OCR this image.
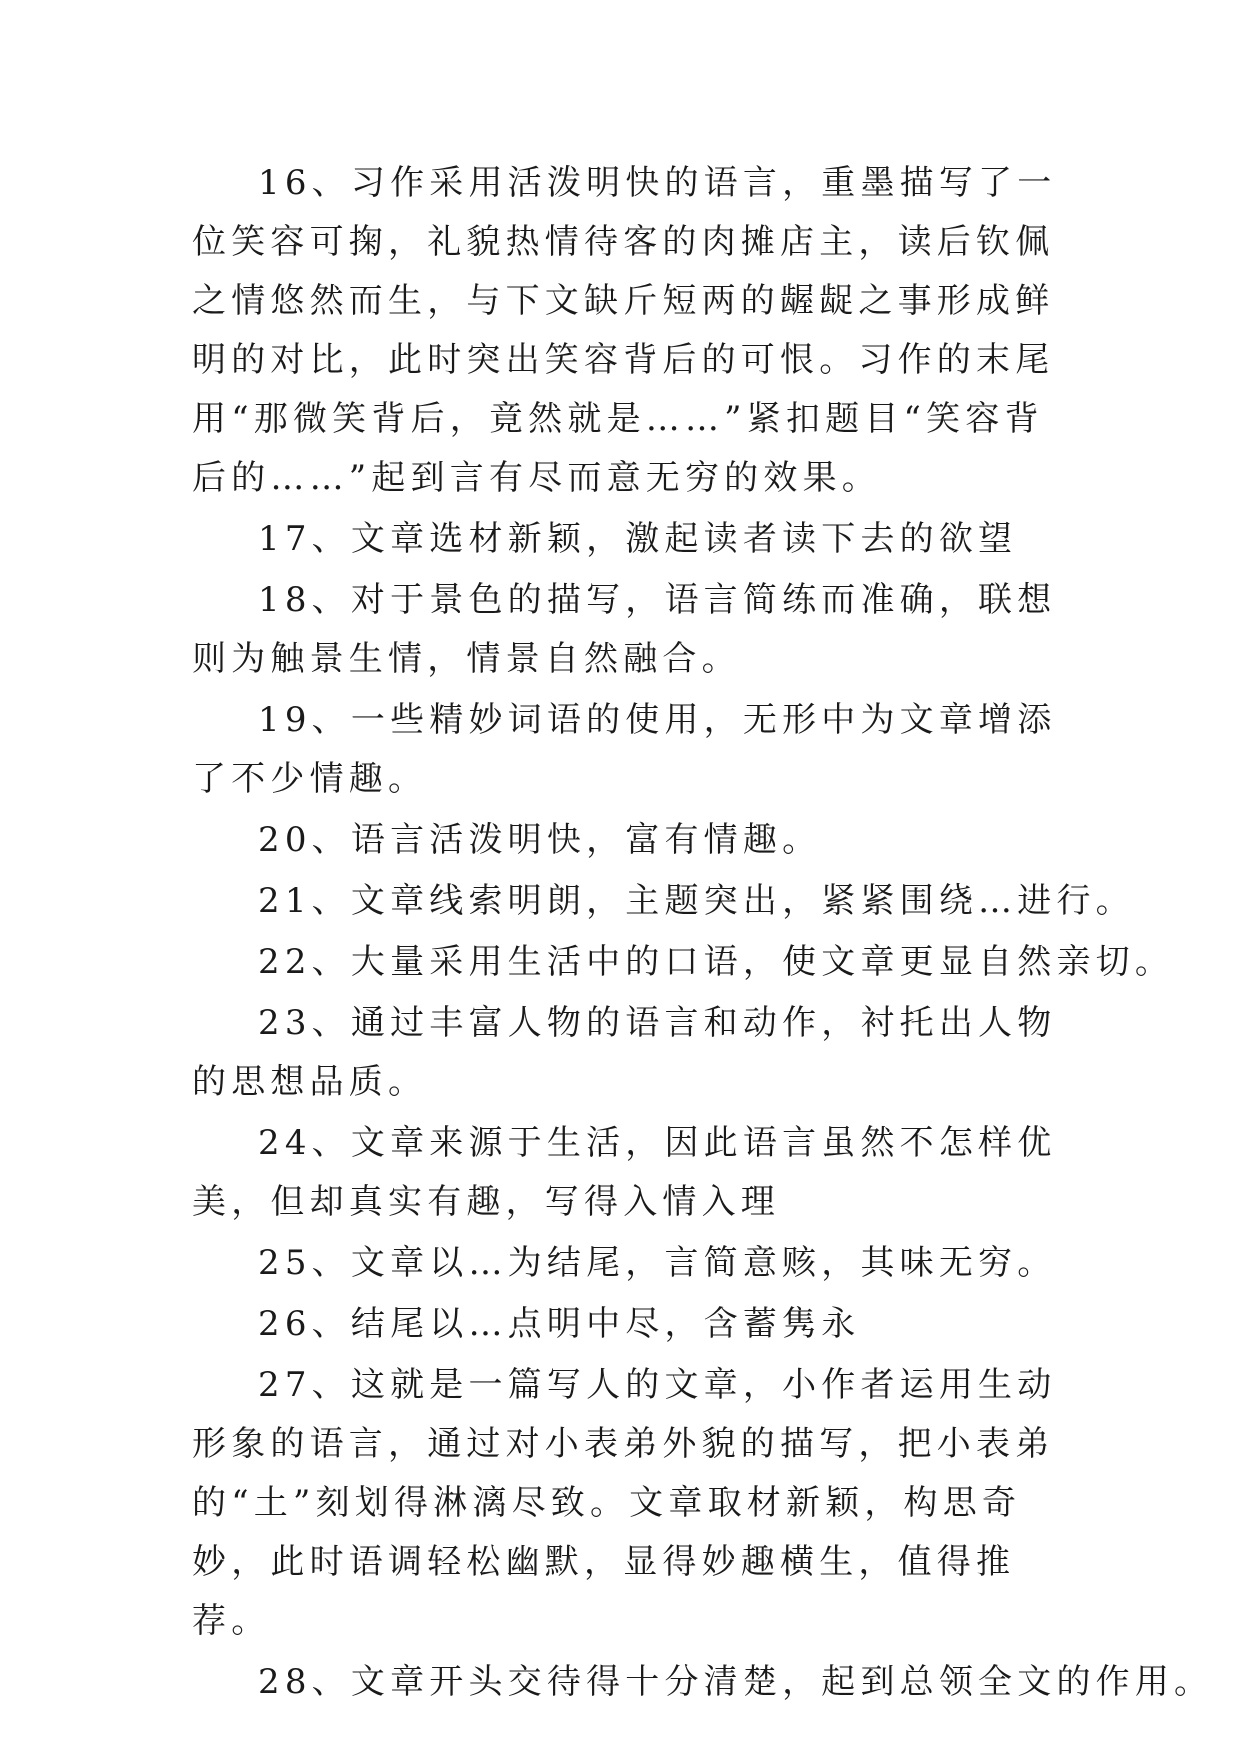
16、习作采用活泼明快的语言，重墨描写了一位笑容可掬，礼貌热情待客的肉摊店主，读后钦佩之情悠然而生，与下文缺斤短两的龌龊之事形成鲜明的对比，此时突出笑容背后的可恨。习作的末尾用“那微笑背后，竟然就是……”紧扣题目“笑容背后的……”起到言有尽而意无穷的效果。

17、文章选材新颖，激起读者读下去的欲望

18、对于景色的描写，语言简练而准确，联想则为触景生情，情景自然融合。

19、一些精妙词语的使用，无形中为文章增添了不少情趣。

20、语言活泼明快，富有情趣。

21、文章线索明朗，主题突出，紧紧围绕…进行。

22、大量采用生活中的口语，使文章更显自然亲切。

23、通过丰富人物的语言和动作，衬托出人物的思想品质。

24、文章来源于生活，因此语言虽然不怎样优美，但却真实有趣，写得入情入理

25、文章以…为结尾，言简意赅，其味无穷。

26、结尾以…点明中尽，含蓄隽永

27、这就是一篇写人的文章，小作者运用生动形象的语言，通过对小表弟外貌的描写，把小表弟的“土”刻划得淋漓尽致。文章取材新颖，构思奇妙，此时语调轻松幽默，显得妙趣横生，值得推荐。

28、文章开头交待得十分清楚，起到总领全文的作用。
